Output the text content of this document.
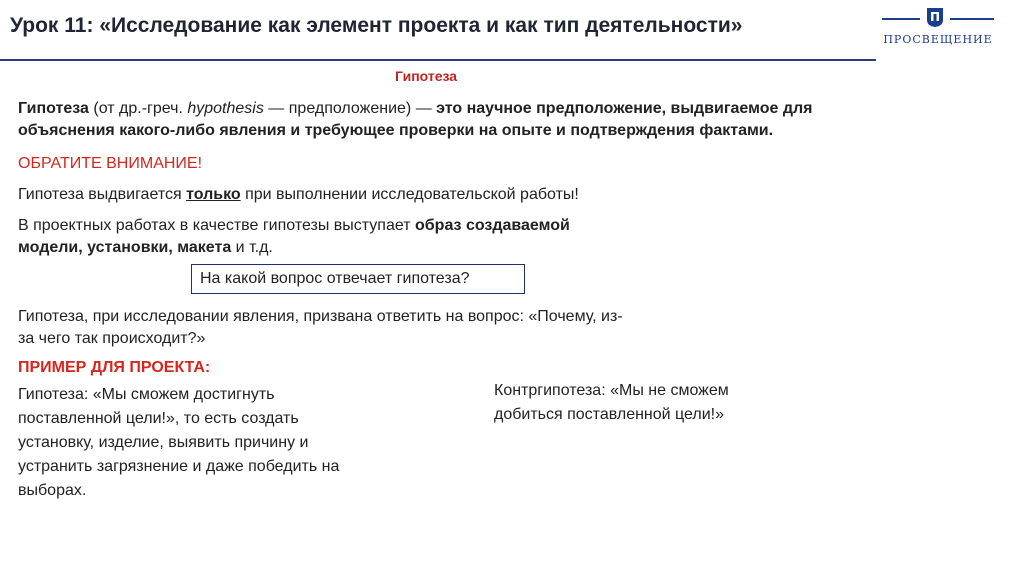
Урок 11: «Исследование как элемент проекта и как тип деятельности»
ПРОСВЕЩЕНИЕ
Гипотеза
Гипотеза (от др.-греч. hypothesis — предположение) — это научное предположение, выдвигаемое для
объяснения какого-либо явления и требующее проверки на опыте и подтверждения фактами.
ОБРАТИТЕ ВНИМАНИЕ!
Гипотеза выдвигается только при выполнении исследовательской работы!
В проектных работах в качестве гипотезы выступает образ создаваемой
модели, установки, макета и т.д.
На какой вопрос отвечает гипотеза?
Гипотеза, при исследовании явления, призвана ответить на вопрос: «Почему, из-
за чего так происходит?»
ПРИМЕР ДЛЯ ПРОЕКТА:
Гипотеза: «Мы сможем достигнуть
поставленной цели!», то есть создать
установку, изделие, выявить причину и
устранить загрязнение и даже победить на
выборах.
Контргипотеза: «Мы не сможем
добиться поставленной цели!»
